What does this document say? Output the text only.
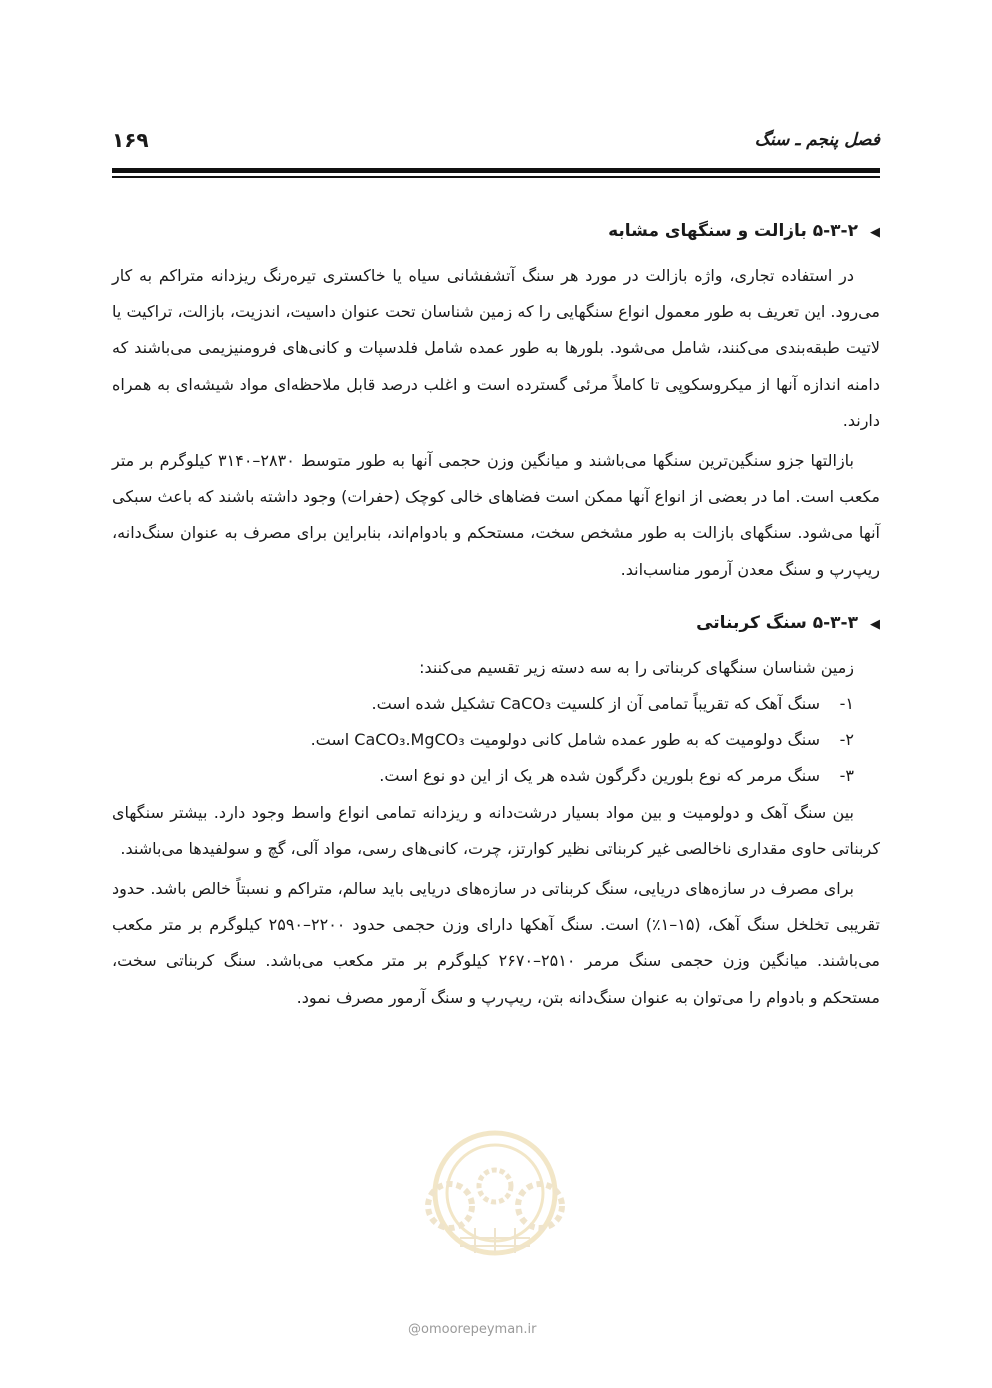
فصل پنجم ـ سنگ
۱۶۹
◀۵-۳-۲ بازالت و سنگهای مشابه

در استفاده تجاری، واژه بازالت در مورد هر سنگ آتشفشانی سیاه یا خاکستری تیره‌رنگ ریزدانه متراکم به کار می‌رود. این تعریف به طور معمول انواع سنگهایی را که زمین شناسان تحت عنوان داسیت، اندزیت، بازالت، تراکیت یا لاتیت طبقه‌بندی می‌کنند، شامل می‌شود. بلورها به طور عمده شامل فلدسپات و کانی‌های فرومنیزیمی می‌باشند که دامنه اندازه آنها از میکروسکوپی تا کاملاً مرئی گسترده است و اغلب درصد قابل ملاحظه‌ای مواد شیشه‌ای به همراه دارند.

بازالتها جزو سنگین‌ترین سنگها می‌باشند و میانگین وزن حجمی آنها به طور متوسط ۲۸۳۰–۳۱۴۰ کیلوگرم بر متر مکعب است. اما در بعضی از انواع آنها ممکن است فضاهای خالی کوچک (حفرات) وجود داشته باشند که باعث سبکی آنها می‌شود. سنگهای بازالت به طور مشخص سخت، مستحکم و بادوام‌اند، بنابراین برای مصرف به عنوان سنگ‌دانه، ریپ‌رپ و سنگ معدن آرمور مناسب‌اند.

◀۵-۳-۳ سنگ کربناتی

زمین شناسان سنگهای کربناتی را به سه دسته زیر تقسیم می‌کنند:

۱-سنگ آهک که تقریباً تمامی آن از کلسیت CaCO₃ تشکیل شده است.
۲-سنگ دولومیت که به طور عمده شامل کانی دولومیت CaCO₃.MgCO₃ است.
۳-سنگ مرمر که نوع بلورین دگرگون شده هر یک از این دو نوع است.

بین سنگ آهک و دولومیت و بین مواد بسیار درشت‌دانه و ریزدانه تمامی انواع واسط وجود دارد. بیشتر سنگهای کربناتی حاوی مقداری ناخالصی غیر کربناتی نظیر کوارتز، چرت، کانی‌های رسی، مواد آلی، گچ و سولفیدها می‌باشند.

برای مصرف در سازه‌های دریایی، سنگ کربناتی در سازه‌های دریایی باید سالم، متراکم و نسبتاً خالص باشد. حدود تقریبی تخلخل سنگ آهک، (۱۵–۱٪) است. سنگ آهکها دارای وزن حجمی حدود ۲۲۰۰–۲۵۹۰ کیلوگرم بر متر مکعب می‌باشند. میانگین وزن حجمی سنگ مرمر ۲۵۱۰–۲۶۷۰ کیلوگرم بر متر مکعب می‌باشد. سنگ کربناتی سخت، مستحکم و بادوام را می‌توان به عنوان سنگ‌دانه بتن، ریپ‌رپ و سنگ آرمور مصرف نمود.

@omoorepeyman.ir
